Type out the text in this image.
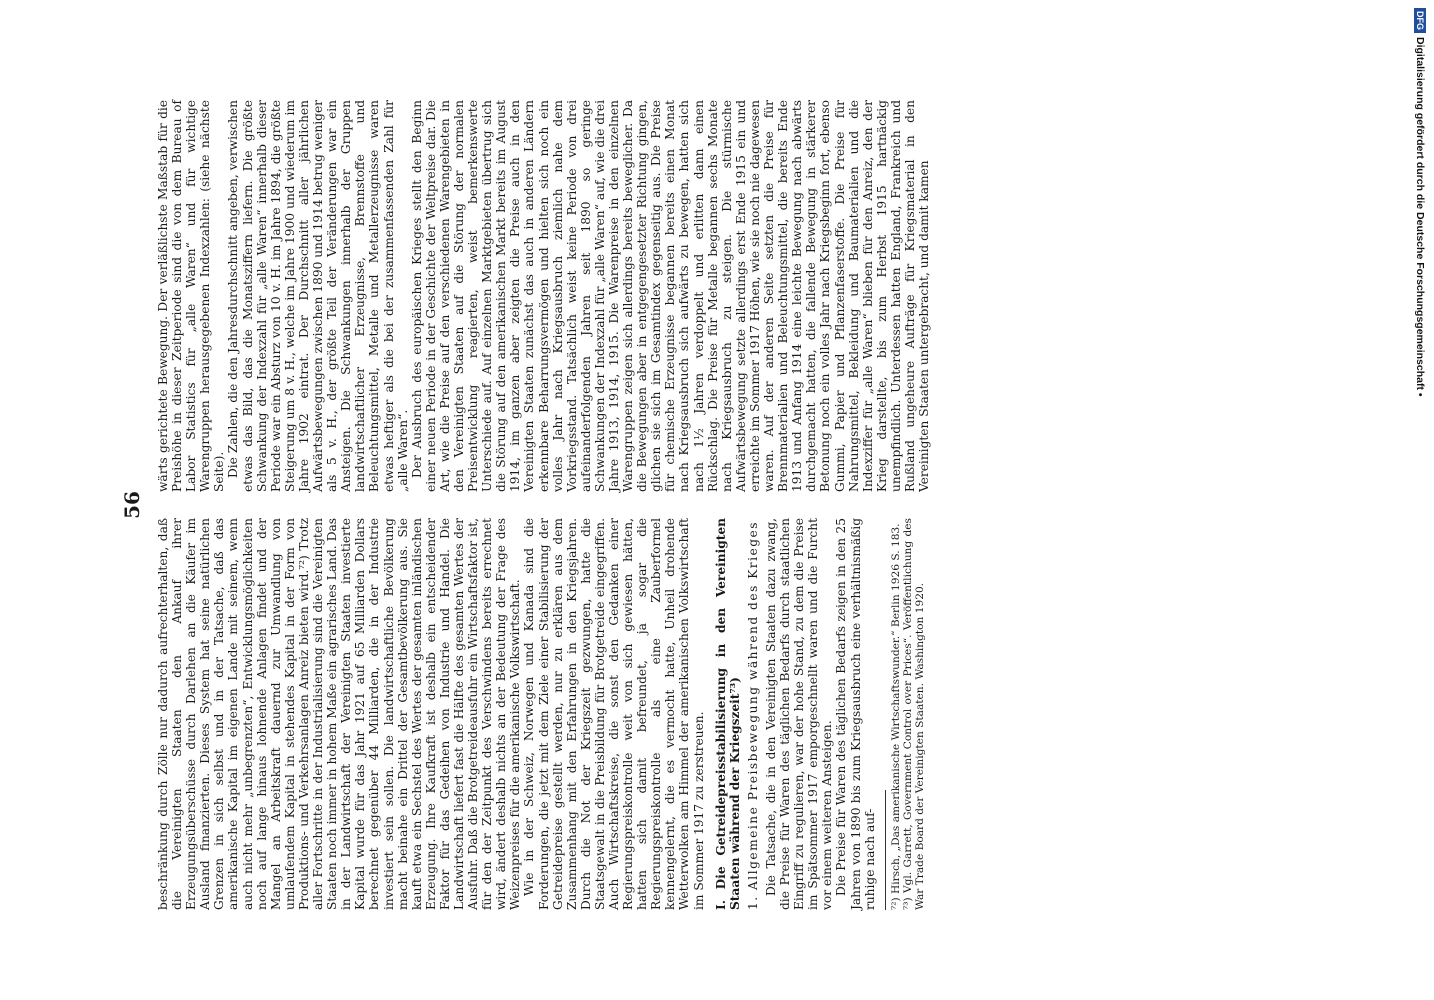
56

beschränkung durch Zölle nur dadurch aufrechterhalten, daß die Vereinigten Staaten den Ankauf ihrer Erzeugungsüberschüsse durch Darlehen an die Käufer im Ausland finanzierten. Dieses System hat seine natürlichen Grenzen in sich selbst und in der Tatsache, daß das amerikanische Kapital im eigenen Lande mit seinem, wenn auch nicht mehr „unbegrenzten“, Entwicklungsmöglichkeiten noch auf lange hinaus lohnende Anlagen findet und der Mangel an Arbeitskraft dauernd zur Umwandlung von umlaufendem Kapital in stehendes Kapital in der Form von Produktions- und Verkehrsanlagen Anreiz bieten wird.⁷²) Trotz aller Fortschritte in der Industrialisierung sind die Vereinigten Staaten noch immer in hohem Maße ein agrarisches Land. Das in der Landwirtschaft der Vereinigten Staaten investierte Kapital wurde für das Jahr 1921 auf 65 Milliarden Dollars berechnet gegenüber 44 Milliarden, die in der Industrie investiert sein sollen. Die landwirtschaftliche Bevölkerung macht beinahe ein Drittel der Gesamtbevölkerung aus. Sie kauft etwa ein Sechstel des Wertes der gesamten inländischen Erzeugung. Ihre Kaufkraft ist deshalb ein entscheidender Faktor für das Gedeihen von Industrie und Handel. Die Landwirtschaft liefert fast die Hälfte des gesamten Wertes der Ausfuhr. Daß die Brotgetreideausfuhr ein Wirtschaftsfaktor ist, für den der Zeitpunkt des Verschwindens bereits errechnet wird, ändert deshalb nichts an der Bedeutung der Frage des Weizenpreises für die amerikanische Volkswirtschaft. Wie in der Schweiz, Norwegen und Kanada sind die Forderungen, die jetzt mit dem Ziele einer Stabilisierung der Getreidepreise gestellt werden, nur zu erklären aus dem Zusammenhang mit den Erfahrungen in den Kriegsjahren. Durch die Not der Kriegszeit gezwungen, hatte die Staatsgewalt in die Preisbildung für Brotgetreide eingegriffen. Auch Wirtschaftskreise, die sonst den Gedanken einer Regierungspreiskontrolle weit von sich gewiesen hätten, hatten sich damit befreundet, ja sogar die Regierungspreiskontrolle als eine Zauberformel kennengelernt, die es vermocht hatte, Unheil drohende Wetterwolken am Himmel der amerikanischen Volkswirtschaft im Sommer 1917 zu zerstreuen. I. Die Getreidepreisstabilisierung in den Vereinigten Staaten während der Kriegszeit⁷³) 1. Allgemeine Preisbewegung während des Krieges Die Tatsache, die in den Vereinigten Staaten dazu zwang, die Preise für Waren des täglichen Bedarfs durch staatlichen Eingriff zu regulieren, war der hohe Stand, zu dem die Preise im Spätsommer 1917 emporgeschnellt waren und die Furcht vor einem weiteren Ansteigen. Die Preise für Waren des täglichen Bedarfs zeigen in den 25 Jahren von 1890 bis zum Kriegsausbruch eine verhältnismäßig ruhige nach auf- ⁷²) Hirsch, „Das amerikanische Wirtschaftswunder.“ Berlin 1926 S. 183. ⁷³) Vgl. Garrett, Government Control over Prices“. Veröffentlichung des War Trade Board der Vereinigten Staaten. Washington 1920.

wärts gerichtete Bewegung. Der verläßlichste Maßstab für die Preishöhe in dieser Zeitperiode sind die von dem Bureau of Labor Statistics für „alle Waren“ und für wichtige Warengruppen herausgegebenen Indexzahlen: (siehe nächste Seite). Die Zahlen, die den Jahresdurchschnitt angeben, verwischen etwas das Bild, das die Monatsziffern liefern. Die größte Schwankung der Indexzahl für „alle Waren“ innerhalb dieser Periode war ein Absturz von 10 v. H. im Jahre 1894, die größte Steigerung um 8 v. H., welche im Jahre 1900 und wiederum im Jahre 1902 eintrat. Der Durchschnitt aller jährlichen Aufwärtsbewegungen zwischen 1890 und 1914 betrug weniger als 5 v. H., der größte Teil der Veränderungen war ein Ansteigen. Die Schwankungen innerhalb der Gruppen landwirtschaftlicher Erzeugnisse, Brennstoffe und Beleuchtungsmittel, Metalle und Metallerzeugnisse waren etwas heftiger als die bei der zusammenfassenden Zahl für „alle Waren“. Der Ausbruch des europäischen Krieges stellt den Beginn einer neuen Periode in der Geschichte der Weltpreise dar. Die Art, wie die Preise auf den verschiedenen Warengebieten in den Vereinigten Staaten auf die Störung der normalen Preisentwicklung reagierten, weist bemerkenswerte Unterschiede auf. Auf einzelnen Marktgebieten übertrug sich die Störung auf den amerikanischen Markt bereits im August 1914, im ganzen aber zeigten die Preise auch in den Vereinigten Staaten zunächst das auch in anderen Ländern erkennbare Beharrungsvermögen und hielten sich noch ein volles Jahr nach Kriegsausbruch ziemlich nahe dem Vorkriegsstand. Tatsächlich weist keine Periode von drei aufeinanderfolgenden Jahren seit 1890 so geringe Schwankungen der Indexzahl für „alle Waren“ auf, wie die drei Jahre 1913, 1914, 1915. Die Warenpreise in den einzelnen Warengruppen zeigen sich allerdings bereits beweglicher. Da die Bewegungen aber in entgegengesetzter Richtung gingen, glichen sie sich im Gesamtindex gegenseitig aus. Die Preise für chemische Erzeugnisse begannen bereits einen Monat nach Kriegsausbruch sich aufwärts zu bewegen, hatten sich nach 1½ Jahren verdoppelt und erlitten dann einen Rückschlag. Die Preise für Metalle begannen sechs Monate nach Kriegsausbruch zu steigen. Die stürmische Aufwärtsbewegung setzte allerdings erst Ende 1915 ein und erreichte im Sommer 1917 Höhen, wie sie noch nie dagewesen waren. Auf der anderen Seite setzten die Preise für Brennmaterialien und Beleuchtungsmittel, die bereits Ende 1913 und Anfang 1914 eine leichte Bewegung nach abwärts durchgemacht hatten, die fallende Bewegung in stärkerer Betonung noch ein volles Jahr nach Kriegsbeginn fort, ebenso Gummi, Papier und Pflanzenfaserstoffe. Die Preise für Nahrungsmittel, Bekleidung und Baumaterialien und die Indexziffer für „alle Waren“ blieben für den Anreiz, den der Krieg darstellte, bis zum Herbst 1915 hartnäckig unempfindlich. Unterdessen hatten England, Frankreich und Rußland ungeheure Aufträge für Kriegsmaterial in den Vereinigten Staaten untergebracht, und damit kamen

DFG
Digitalisierung gefördert durch die Deutsche Forschungsgemeinschaft •
